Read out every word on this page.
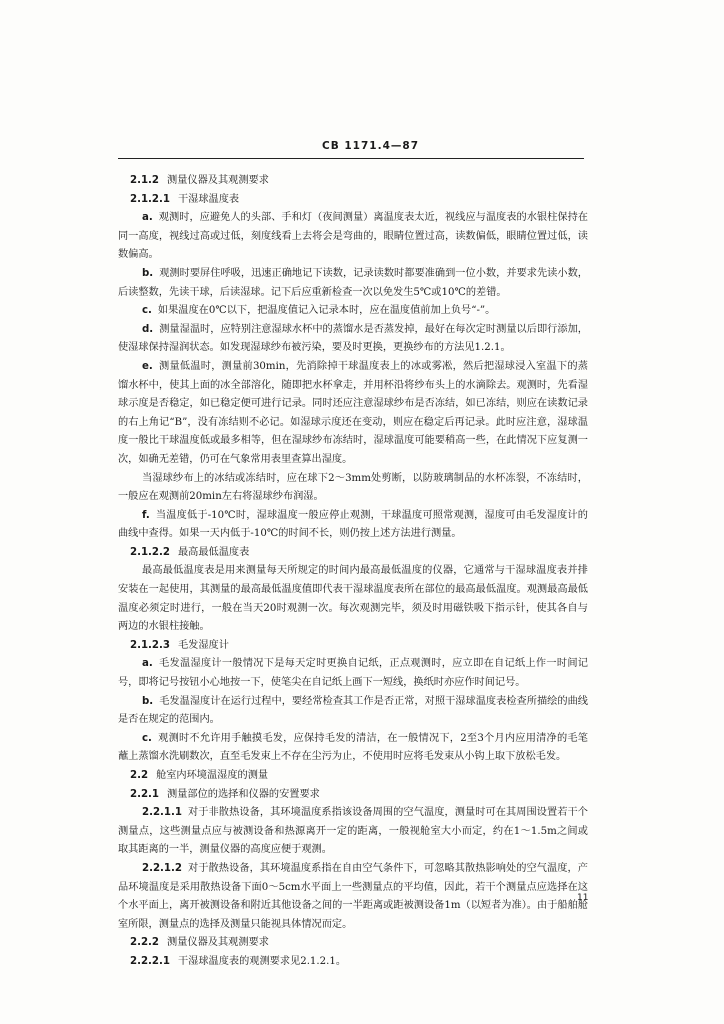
CB 1171.4—87

2.1.2 测量仪器及其观测要求

2.1.2.1 干湿球温度表

a. 观测时，应避免人的头部、手和灯（夜间测量）离温度表太近，视线应与温度表的水银柱保持在同一高度，视线过高或过低，刻度线看上去将会是弯曲的，眼睛位置过高，读数偏低，眼睛位置过低，读数偏高。

b. 观测时要屏住呼吸，迅速正确地记下读数，记录读数时都要准确到一位小数，并要求先读小数，后读整数，先读干球，后读湿球。记下后应重新检查一次以免发生5℃或10℃的差错。

c. 如果温度在0℃以下，把温度值记入记录本时，应在温度值前加上负号“-”。

d. 测量湿温时，应特别注意湿球水杯中的蒸馏水是否蒸发掉，最好在每次定时测量以后即行添加，使湿球保持湿润状态。如发现湿球纱布被污染，要及时更换，更换纱布的方法见1.2.1。

e. 测量低温时，测量前30min，先消除掉干球温度表上的冰或雾凇，然后把湿球浸入室温下的蒸馏水杯中，使其上面的冰全部溶化，随即把水杯拿走，并用杯沿将纱布头上的水滴除去。观测时，先看湿球示度是否稳定，如已稳定便可进行记录。同时还应注意湿球纱布是否冻结，如已冻结，则应在读数记录的右上角记“B”，没有冻结则不必记。如湿球示度还在变动，则应在稳定后再记录。此时应注意，湿球温度一般比干球温度低或最多相等，但在湿球纱布冻结时，湿球温度可能要稍高一些，在此情况下应复测一次，如确无差错，仍可在气象常用表里查算出湿度。

当湿球纱布上的冰结或冻结时，应在球下2～3mm处剪断，以防玻璃制品的水杯冻裂，不冻结时，一般应在观测前20min左右将湿球纱布润湿。

f. 当温度低于-10℃时，湿球温度一般应停止观测，干球温度可照常观测，湿度可由毛发湿度计的曲线中查得。如果一天内低于-10℃的时间不长，则仍按上述方法进行测量。

2.1.2.2 最高最低温度表

最高最低温度表是用来测量每天所规定的时间内最高最低温度的仪器，它通常与干湿球温度表并排安装在一起使用，其测量的最高最低温度值即代表干湿球温度表所在部位的最高最低温度。观测最高最低温度必须定时进行，一般在当天20时观测一次。每次观测完毕，须及时用磁铁吸下指示针，使其各自与两边的水银柱接触。

2.1.2.3 毛发湿度计

a. 毛发温湿度计一般情况下是每天定时更换自记纸，正点观测时，应立即在自记纸上作一时间记号，即将记号按钮小心地按一下，使笔尖在自记纸上画下一短线，换纸时亦应作时间记号。

b. 毛发温湿度计在运行过程中，要经常检查其工作是否正常，对照干湿球温度表检查所描绘的曲线是否在规定的范围内。

c. 观测时不允许用手触摸毛发，应保持毛发的清洁，在一般情况下，2至3个月内应用清净的毛笔蘸上蒸馏水洗刷数次，直至毛发束上不存在尘污为止，不使用时应将毛发束从小钩上取下放松毛发。

2.2 舱室内环境温湿度的测量

2.2.1 测量部位的选择和仪器的安置要求

2.2.1.1 对于非散热设备，其环境温度系指该设备周围的空气温度，测量时可在其周围设置若干个测量点，这些测量点应与被测设备和热源离开一定的距离，一般视舱室大小而定，约在1～1.5m之间或取其距离的一半，测量仪器的高度应便于观测。

2.2.1.2 对于散热设备，其环境温度系指在自由空气条件下，可忽略其散热影响处的空气温度，产品环境温度是采用散热设备下面0～5cm水平面上一些测量点的平均值，因此，若干个测量点应选择在这个水平面上，离开被测设备和附近其他设备之间的一半距离或距被测设备1m（以短者为准）。由于船舶舱室所限，测量点的选择及测量只能视具体情况而定。

2.2.2 测量仪器及其观测要求

2.2.2.1 干湿球温度表的观测要求见2.1.2.1。

11
